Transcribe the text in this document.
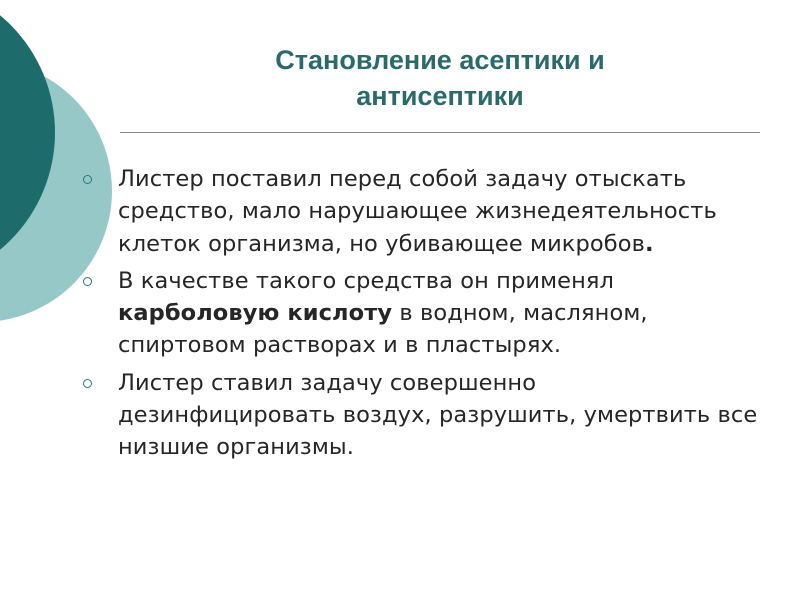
Становление асептики и
антисептики
Листер поставил перед собой задачу отыскать средство, мало нарушающее жизнедеятельность клеток организма, но убивающее микробов.
В качестве такого средства он применял карболовую кислоту в водном, масляном, спиртовом растворах и в пластырях.
Листер ставил задачу совершенно дезинфицировать воздух, разрушить, умертвить все низшие организмы.
